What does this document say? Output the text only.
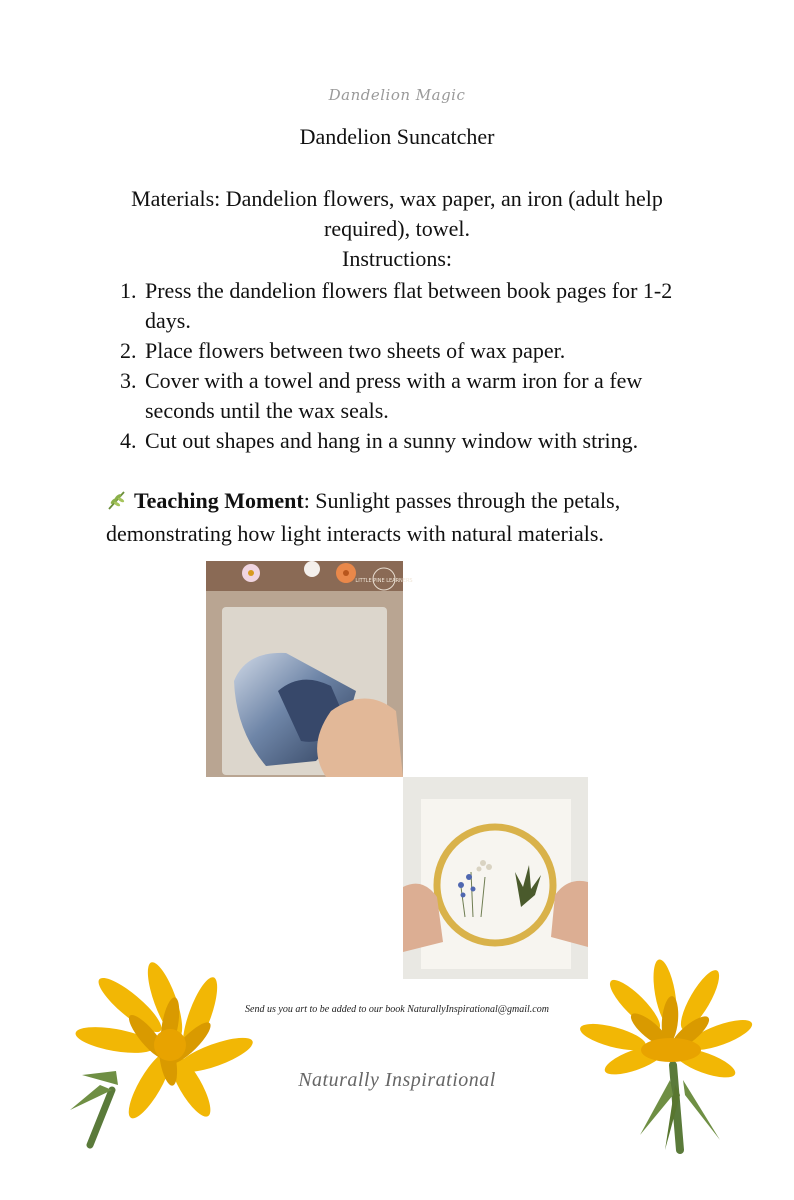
Dandelion Magic
Dandelion Suncatcher
Materials: Dandelion flowers, wax paper, an iron (adult help required), towel.
Instructions:
1. Press the dandelion flowers flat between book pages for 1-2 days.
2. Place flowers between two sheets of wax paper.
3. Cover with a towel and press with a warm iron for a few seconds until the wax seals.
4. Cut out shapes and hang in a sunny window with string.
Teaching Moment: Sunlight passes through the petals, demonstrating how light interacts with natural materials.
LITTLE PINE LEARNERS
Send us you art to be added to our book NaturallyInspirational@gmail.com
Naturally Inspirational
